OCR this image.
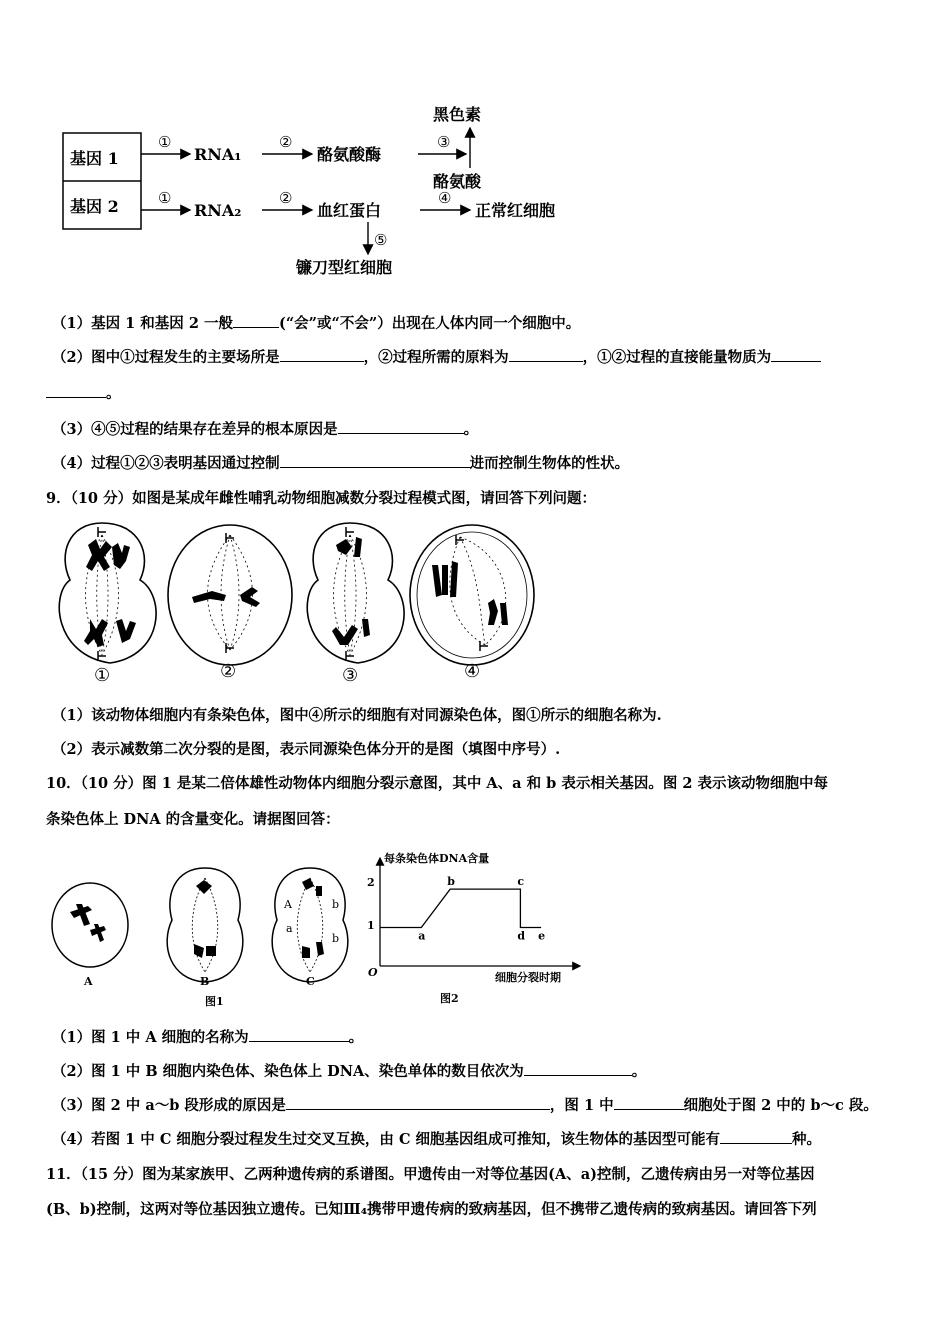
基因 1
基因 2
①
RNA₁
②
酪氨酸酶
③
黑色素
酪氨酸
①
RNA₂
②
血红蛋白
④
正常红细胞
⑤
镰刀型红细胞
（1）基因 1 和基因 2 一般	(“会”或“不会”）出现在人体内同一个细胞中。
（2）图中①过程发生的主要场所是	，②过程所需的原料为	，①②过程的直接能量物质为
。
（3）④⑤过程的结果存在差异的根本原因是	。
（4）过程①②③表明基因通过控制	进而控制生物体的性状。
9．（10 分）如图是某成年雌性哺乳动物细胞减数分裂过程模式图，请回答下列问题：
①	②	③	④
（1）该动物体细胞内有条染色体，图中④所示的细胞有对同源染色体，图①所示的细胞名称为.
（2）表示减数第二次分裂的是图，表示同源染色体分开的是图（填图中序号）.
10．（10 分）图 1 是某二倍体雄性动物体内细胞分裂示意图，其中 A、a 和 b 表示相关基因。图 2 表示该动物细胞中每
条染色体上 DNA 的含量变化。请据图回答：
A
a
b
b
A	B	C
图1
每条染色体DNA含量
细胞分裂时期
O
1
2
a
b	c
d e
图2
（1）图 1 中 A 细胞的名称为	。
（2）图 1 中 B 细胞内染色体、染色体上 DNA、染色单体的数目依次为	。
（3）图 2 中 a～b 段形成的原因是	，图 1 中	细胞处于图 2 中的 b～c 段。
（4）若图 1 中 C 细胞分裂过程发生过交叉互换，由 C 细胞基因组成可推知，该生物体的基因型可能有	种。
11．（15 分）图为某家族甲、乙两种遗传病的系谱图。甲遗传由一对等位基因(A、a)控制，乙遗传病由另一对等位基因
(B、b)控制，这两对等位基因独立遗传。已知Ⅲ₄携带甲遗传病的致病基因，但不携带乙遗传病的致病基因。请回答下列
